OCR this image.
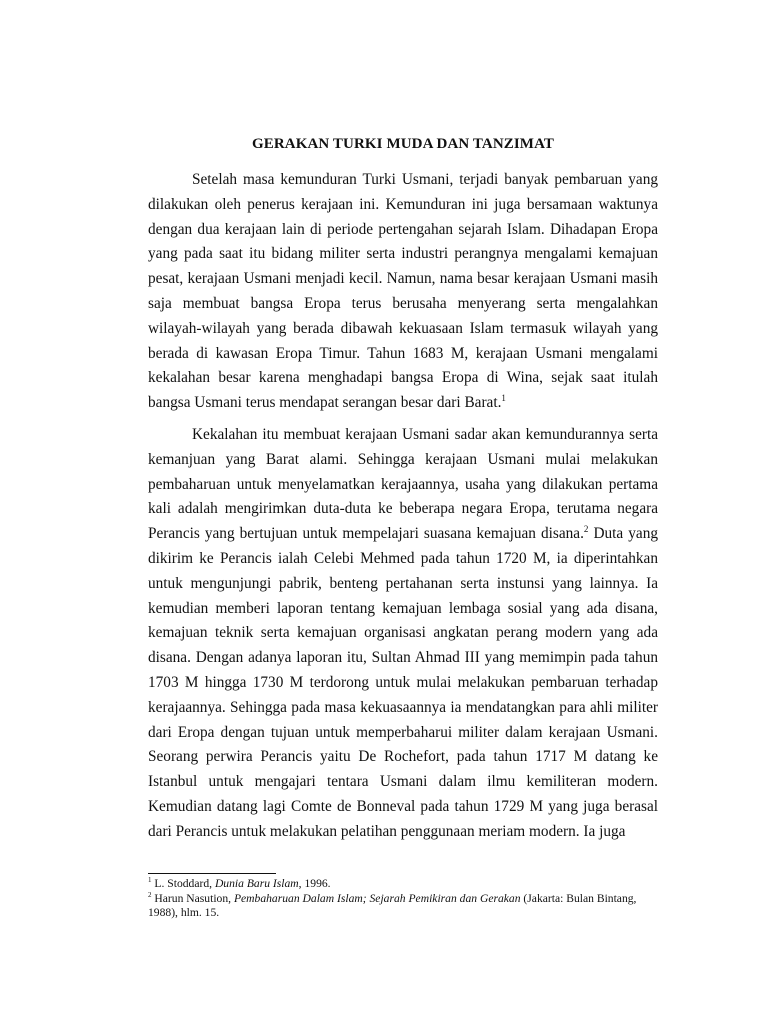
GERAKAN TURKI MUDA DAN TANZIMAT

Setelah masa kemunduran Turki Usmani, terjadi banyak pembaruan yang dilakukan oleh penerus kerajaan ini. Kemunduran ini juga bersamaan waktunya dengan dua kerajaan lain di periode pertengahan sejarah Islam. Dihadapan Eropa yang pada saat itu bidang militer serta industri perangnya mengalami kemajuan pesat, kerajaan Usmani menjadi kecil. Namun, nama besar kerajaan Usmani masih saja membuat bangsa Eropa terus berusaha menyerang serta mengalahkan wilayah-wilayah yang berada dibawah kekuasaan Islam termasuk wilayah yang berada di kawasan Eropa Timur. Tahun 1683 M, kerajaan Usmani mengalami kekalahan besar karena menghadapi bangsa Eropa di Wina, sejak saat itulah bangsa Usmani terus mendapat serangan besar dari Barat.$^1$

Kekalahan itu membuat kerajaan Usmani sadar akan kemundurannya serta kemanjuan yang Barat alami. Sehingga kerajaan Usmani mulai melakukan pembaharuan untuk menyelamatkan kerajaannya, usaha yang dilakukan pertama kali adalah mengirimkan duta-duta ke beberapa negara Eropa, terutama negara Perancis yang bertujuan untuk mempelajari suasana kemajuan disana.$^2$ Duta yang dikirim ke Perancis ialah Celebi Mehmed pada tahun 1720 M, ia diperintahkan untuk mengunjungi pabrik, benteng pertahanan serta instunsi yang lainnya. Ia kemudian memberi laporan tentang kemajuan lembaga sosial yang ada disana, kemajuan teknik serta kemajuan organisasi angkatan perang modern yang ada disana. Dengan adanya laporan itu, Sultan Ahmad III yang memimpin pada tahun 1703 M hingga 1730 M terdorong untuk mulai melakukan pembaruan terhadap kerajaannya. Sehingga pada masa kekuasaannya ia mendatangkan para ahli militer dari Eropa dengan tujuan untuk memperbaharui militer dalam kerajaan Usmani. Seorang perwira Perancis yaitu De Rochefort, pada tahun 1717 M datang ke Istanbul untuk mengajari tentara Usmani dalam ilmu kemiliteran modern. Kemudian datang lagi Comte de Bonneval pada tahun 1729 M yang juga berasal dari Perancis untuk melakukan pelatihan penggunaan meriam modern. Ia juga

$^1$ L. Stoddard, Dunia Baru Islam, 1996.

$^2$ Harun Nasution, Pembaharuan Dalam Islam; Sejarah Pemikiran dan Gerakan (Jakarta: Bulan Bintang, 1988), hlm. 15.
